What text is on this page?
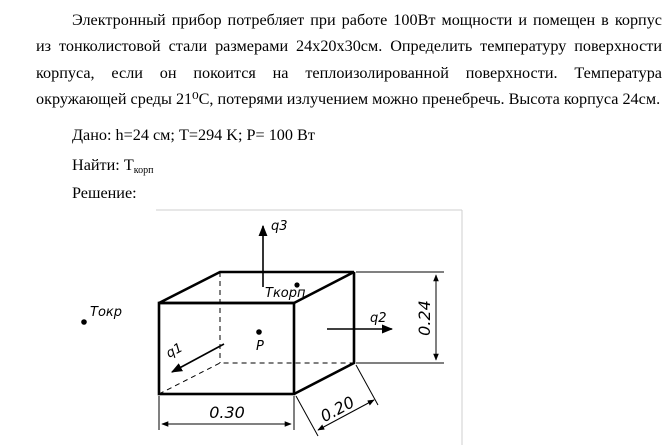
Электронный прибор потребляет при работе 100Вт мощности и помещен в корпус
из тонколистовой стали размерами 24х20х30см. Определить температуру поверхности
корпуса, если он покоится на теплоизолированной поверхности. Температура
окружающей среды 21⁰С, потерями излучением можно пренебречь. Высота корпуса 24см.
Дано: h=24 см; T=294 K; P= 100 Вт
Найти: $T_{корп}$
Решение:
q3
Tкорп
Tокр	q2
P
q1
0.24
0.30	0.20
